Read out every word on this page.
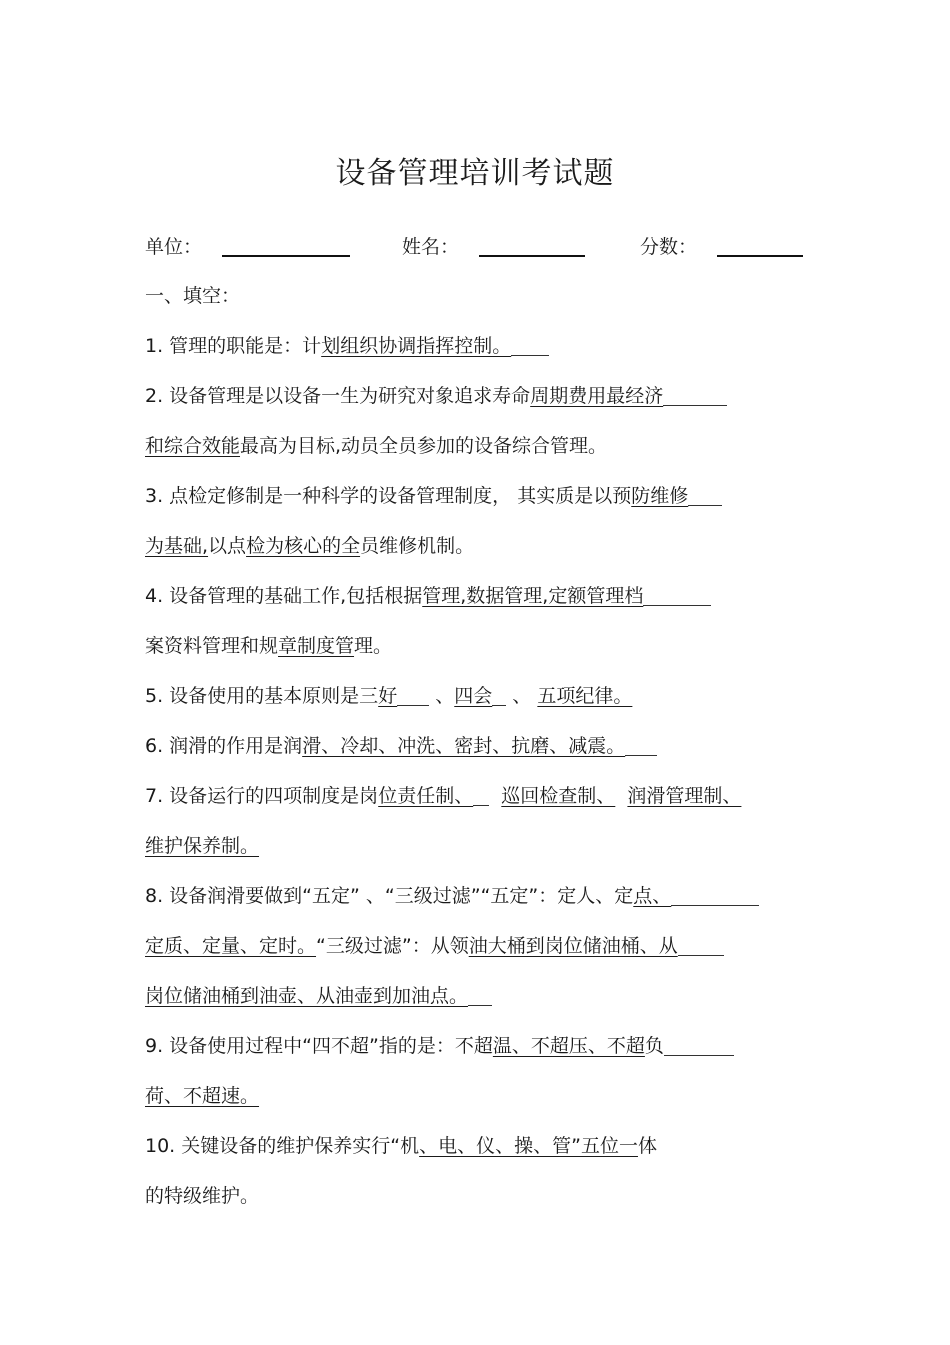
设备管理培训考试题
单位：	姓名：	分数：
一、填空：
1. 管理的职能是：计划组织协调指挥控制。
2. 设备管理是以设备一生为研究对象追求寿命周期费用最经济
和综合效能最高为目标,动员全员参加的设备综合管理。
3. 点检定修制是一种科学的设备管理制度， 其实质是以预防维修
为基础,以点检为核心的全员维修机制。
4. 设备管理的基础工作,包括根据管理,数据管理,定额管理档
案资料管理和规章制度管理。
5. 设备使用的基本原则是三好 、四会 、 五项纪律。
6. 润滑的作用是润滑、冷却、冲洗、密封、抗磨、减震。
7. 设备运行的四项制度是岗位责任制、 巡回检查制、 润滑管理制、
维护保养制。
8. 设备润滑要做到“五定” 、“三级过滤”“五定”：定人、定点、
定质、定量、定时。“三级过滤”：从领油大桶到岗位储油桶、从
岗位储油桶到油壶、从油壶到加油点。
9. 设备使用过程中“四不超”指的是：不超温、不超压、不超负
荷、不超速。
10. 关键设备的维护保养实行“机、电、仪、操、管”五位一体
的特级维护。
